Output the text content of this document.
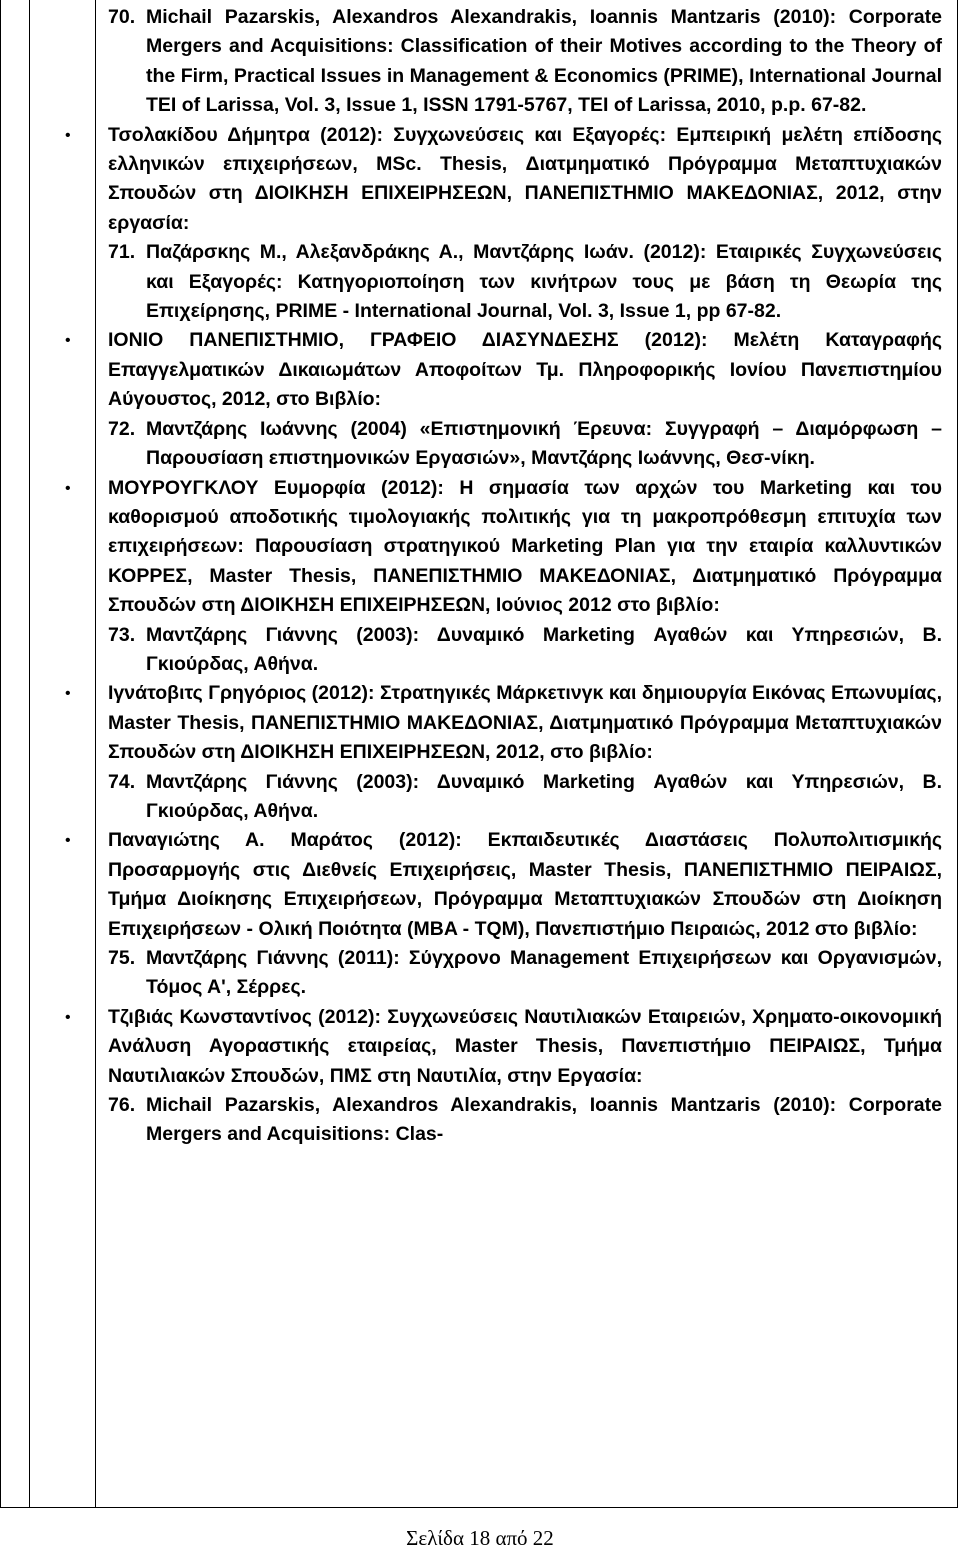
70. Michail Pazarskis, Alexandros Alexandrakis, Ioannis Mantzaris (2010): Corporate Mergers and Acquisitions: Classification of their Motives according to the Theory of the Firm, Practical Issues in Management & Economics (PRIME), International Journal TEI of Larissa, Vol. 3, Issue 1, ISSN 1791-5767, TEI of Larissa, 2010, p.p. 67-82.

• Τσολακίδου Δήμητρα (2012): Συγχωνεύσεις και Εξαγορές: Εμπειρική μελέτη επίδοσης ελληνικών επιχειρήσεων, MSc. Thesis, Διατμηματικό Πρόγραμμα Μεταπτυχιακών Σπουδών στη ΔΙΟΙΚΗΣΗ ΕΠΙΧΕΙΡΗΣΕΩΝ, ΠΑΝΕΠΙΣΤΗΜΙΟ ΜΑΚΕΔΟΝΙΑΣ, 2012, στην εργασία:

71. Παζάρσκης Μ., Αλεξανδράκης Α., Μαντζάρης Ιωάν. (2012): Εταιρικές Συγχωνεύσεις και Εξαγορές: Κατηγοριοποίηση των κινήτρων τους με βάση τη Θεωρία της Επιχείρησης, PRIME - International Journal, Vol. 3, Issue 1, pp 67-82.

• ΙΟΝΙΟ ΠΑΝΕΠΙΣΤΗΜΙΟ, ΓΡΑΦΕΙΟ ΔΙΑΣΥΝΔΕΣΗΣ (2012): Μελέτη Καταγραφής Επαγγελματικών Δικαιωμάτων Αποφοίτων Τμ. Πληροφορικής Ιονίου Πανεπιστημίου Αύγουστος, 2012, στο Βιβλίο:

72. Μαντζάρης Ιωάννης (2004) «Επιστημονική Έρευνα: Συγγραφή – Διαμόρφωση – Παρουσίαση επιστημονικών Εργασιών», Μαντζάρης Ιωάννης, Θεσ-νίκη.

• ΜΟΥΡΟΥΓΚΛΟΥ Ευμορφία (2012): Η σημασία των αρχών του Marketing και του καθορισμού αποδοτικής τιμολογιακής πολιτικής για τη μακροπρόθεσμη επιτυχία των επιχειρήσεων: Παρουσίαση στρατηγικού Marketing Plan για την εταιρία καλλυντικών ΚΟΡΡΕΣ, Master Thesis, ΠΑΝΕΠΙΣΤΗΜΙΟ ΜΑΚΕΔΟΝΙΑΣ, Διατμηματικό Πρόγραμμα Σπουδών στη ΔΙΟΙΚΗΣΗ ΕΠΙΧΕΙΡΗΣΕΩΝ, Ιούνιος 2012 στο βιβλίο:

73. Μαντζάρης Γιάννης (2003): Δυναμικό Marketing Αγαθών και Υπηρεσιών, Β. Γκιούρδας, Αθήνα.

• Ιγνάτοβιτς Γρηγόριος (2012): Στρατηγικές Μάρκετινγκ και δημιουργία Εικόνας Επωνυμίας, Master Thesis, ΠΑΝΕΠΙΣΤΗΜΙΟ ΜΑΚΕΔΟΝΙΑΣ, Διατμηματικό Πρόγραμμα Μεταπτυχιακών Σπουδών στη ΔΙΟΙΚΗΣΗ ΕΠΙΧΕΙΡΗΣΕΩΝ, 2012, στο βιβλίο:

74. Μαντζάρης Γιάννης (2003): Δυναμικό Marketing Αγαθών και Υπηρεσιών, Β. Γκιούρδας, Αθήνα.

• Παναγιώτης Α. Μαράτος (2012): Εκπαιδευτικές Διαστάσεις Πολυπολιτισμικής Προσαρμογής στις Διεθνείς Επιχειρήσεις, Master Thesis, ΠΑΝΕΠΙΣΤΗΜΙΟ ΠΕΙΡΑΙΩΣ, Τμήμα Διοίκησης Επιχειρήσεων, Πρόγραμμα Μεταπτυχιακών Σπουδών στη Διοίκηση Επιχειρήσεων - Ολική Ποιότητα (MBA - TQM), Πανεπιστήμιο Πειραιώς, 2012 στο βιβλίο:

75. Μαντζάρης Γιάννης (2011): Σύγχρονο Management Επιχειρήσεων και Οργανισμών, Τόμος Α', Σέρρες.

• Τζιβιάς Κωνσταντίνος (2012): Συγχωνεύσεις Ναυτιλιακών Εταιρειών, Χρηματο-οικονομική Ανάλυση Αγοραστικής εταιρείας, Master Thesis, Πανεπιστήμιο ΠΕΙΡΑΙΩΣ, Τμήμα Ναυτιλιακών Σπουδών, ΠΜΣ στη Ναυτιλία, στην Εργασία:

76. Michail Pazarskis, Alexandros Alexandrakis, Ioannis Mantzaris (2010): Corporate Mergers and Acquisitions: Clas-

Σελίδα 18 από 22
